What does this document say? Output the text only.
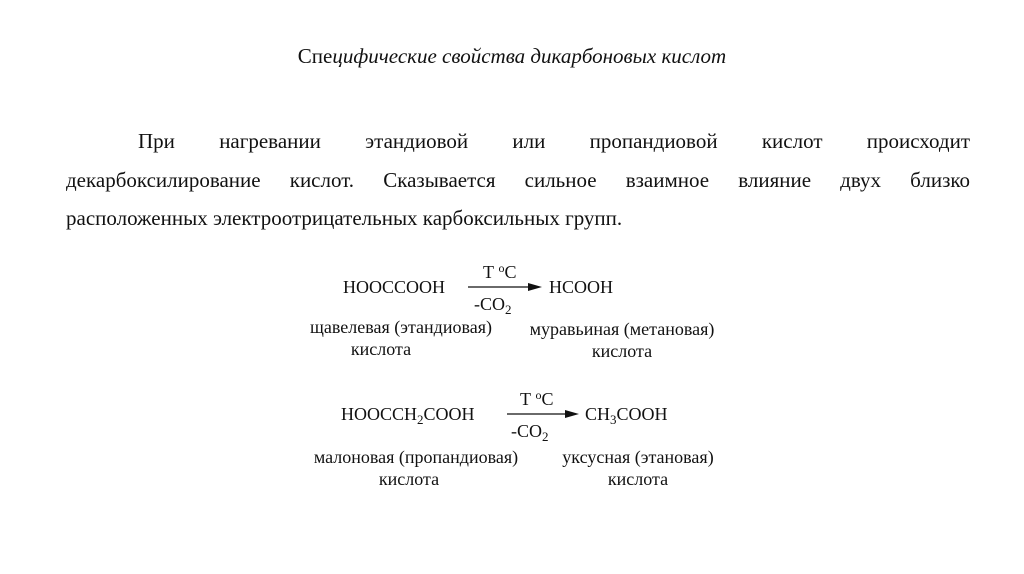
Специфические свойства дикарбоновых кислот
При нагревании этандиовой или пропандиовой кислот происходит
декарбоксилирование кислот. Сказывается сильное взаимное влияние двух близко
расположенных электроотрицательных карбоксильных групп.
HOOCCOOH
T $^o$C
$-CO_2$
HCOOH
щавелевая (этандиовая)
кислота
муравьиная (метановая)
кислота
$HOOCCH_2COOH$
T $^o$C
$-CO_2$
$CH_3COOH$
малоновая (пропандиовая)
кислота
уксусная (этановая)
кислота
